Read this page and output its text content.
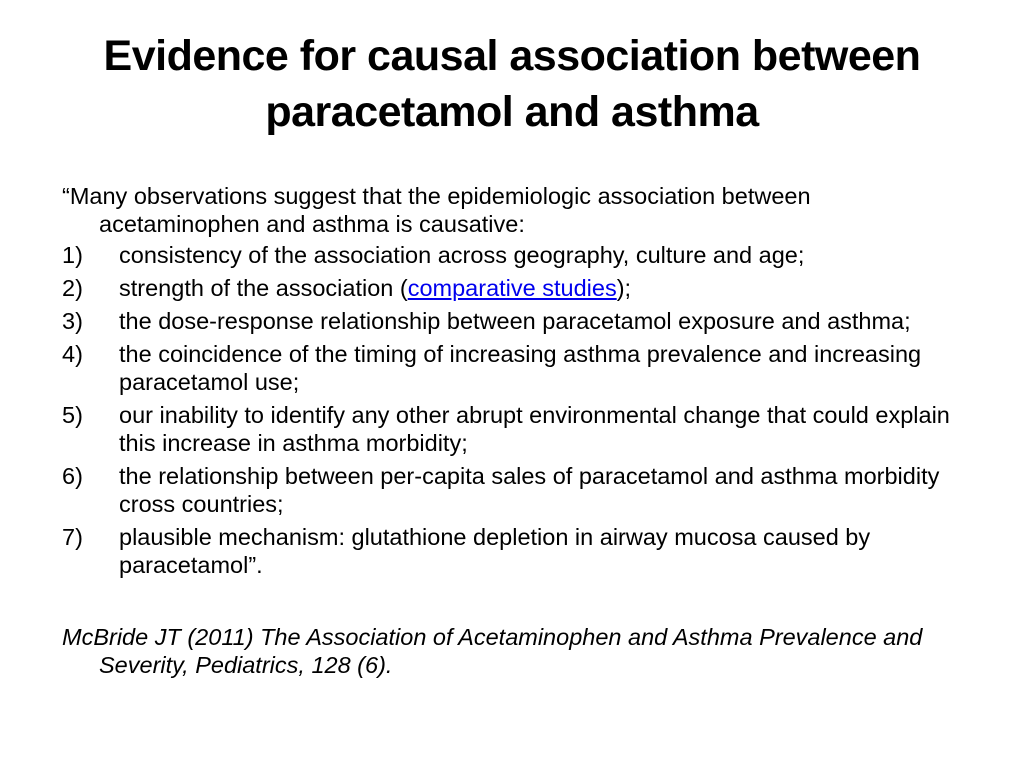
Evidence for causal association between paracetamol and asthma

“Many observations suggest that the epidemiologic association between acetaminophen and asthma is causative:

1) consistency of the association across geography, culture and age;
2) strength of the association (comparative studies);
3) the dose-response relationship between paracetamol exposure and asthma;
4) the coincidence of the timing of increasing asthma prevalence and increasing paracetamol use;
5) our inability to identify any other abrupt environmental change that could explain this increase in asthma morbidity;
6) the relationship between per-capita sales of paracetamol and asthma morbidity cross countries;
7) plausible mechanism: glutathione depletion in airway mucosa caused by paracetamol”.

McBride JT (2011) The Association of Acetaminophen and Asthma Prevalence and Severity, Pediatrics, 128 (6).
